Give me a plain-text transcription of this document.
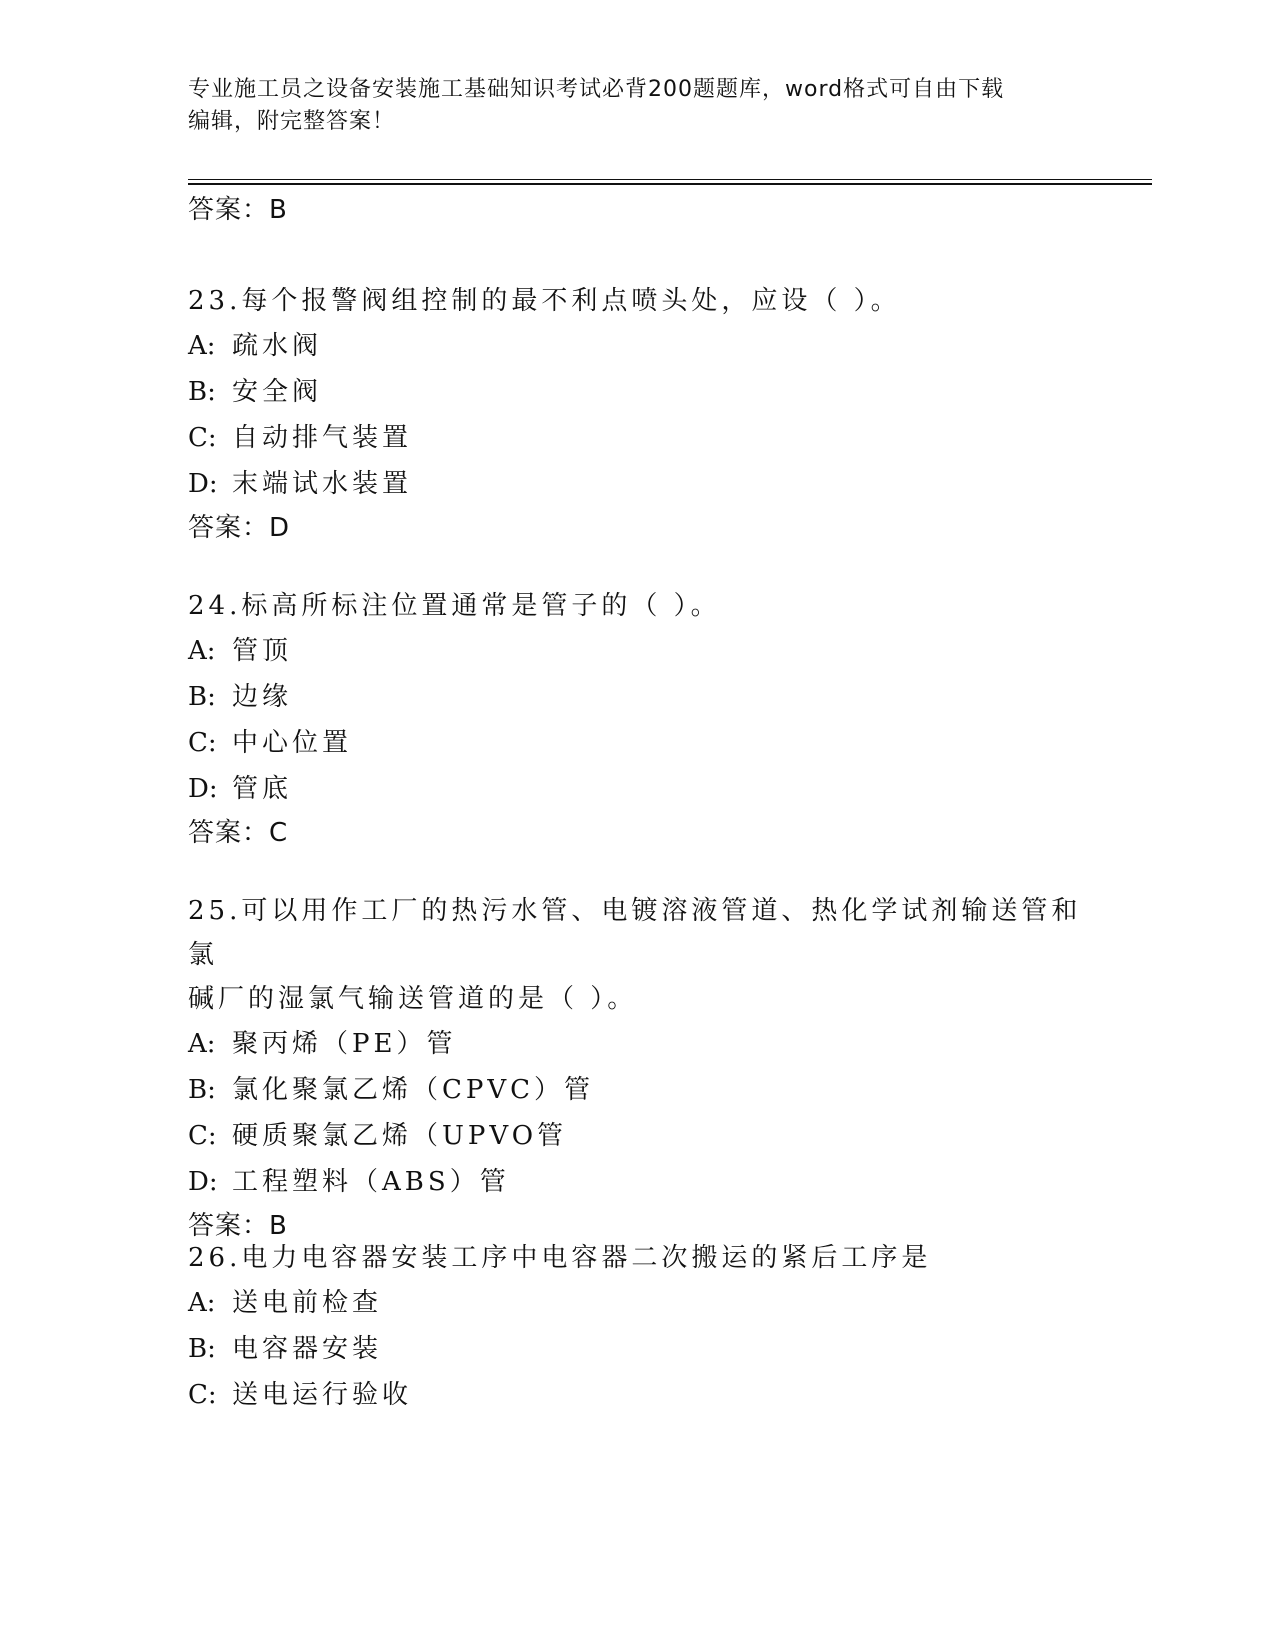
专业施工员之设备安装施工基础知识考试必背200题题库，word格式可自由下载
编辑，附完整答案！
答案：B
23.每个报警阀组控制的最不利点喷头处，应设（ ）。
A: 疏水阀
B: 安全阀
C: 自动排气装置
D: 末端试水装置
答案：D
24.标高所标注位置通常是管子的（ ）。
A: 管顶
B: 边缘
C: 中心位置
D: 管底
答案：C
25.可以用作工厂的热污水管、电镀溶液管道、热化学试剂输送管和氯
碱厂的湿氯气输送管道的是（ ）。
A: 聚丙烯（PE）管
B: 氯化聚氯乙烯（CPVC）管
C: 硬质聚氯乙烯（UPVO管
D: 工程塑料（ABS）管
答案：B
26.电力电容器安装工序中电容器二次搬运的紧后工序是
A: 送电前检查
B: 电容器安装
C: 送电运行验收
